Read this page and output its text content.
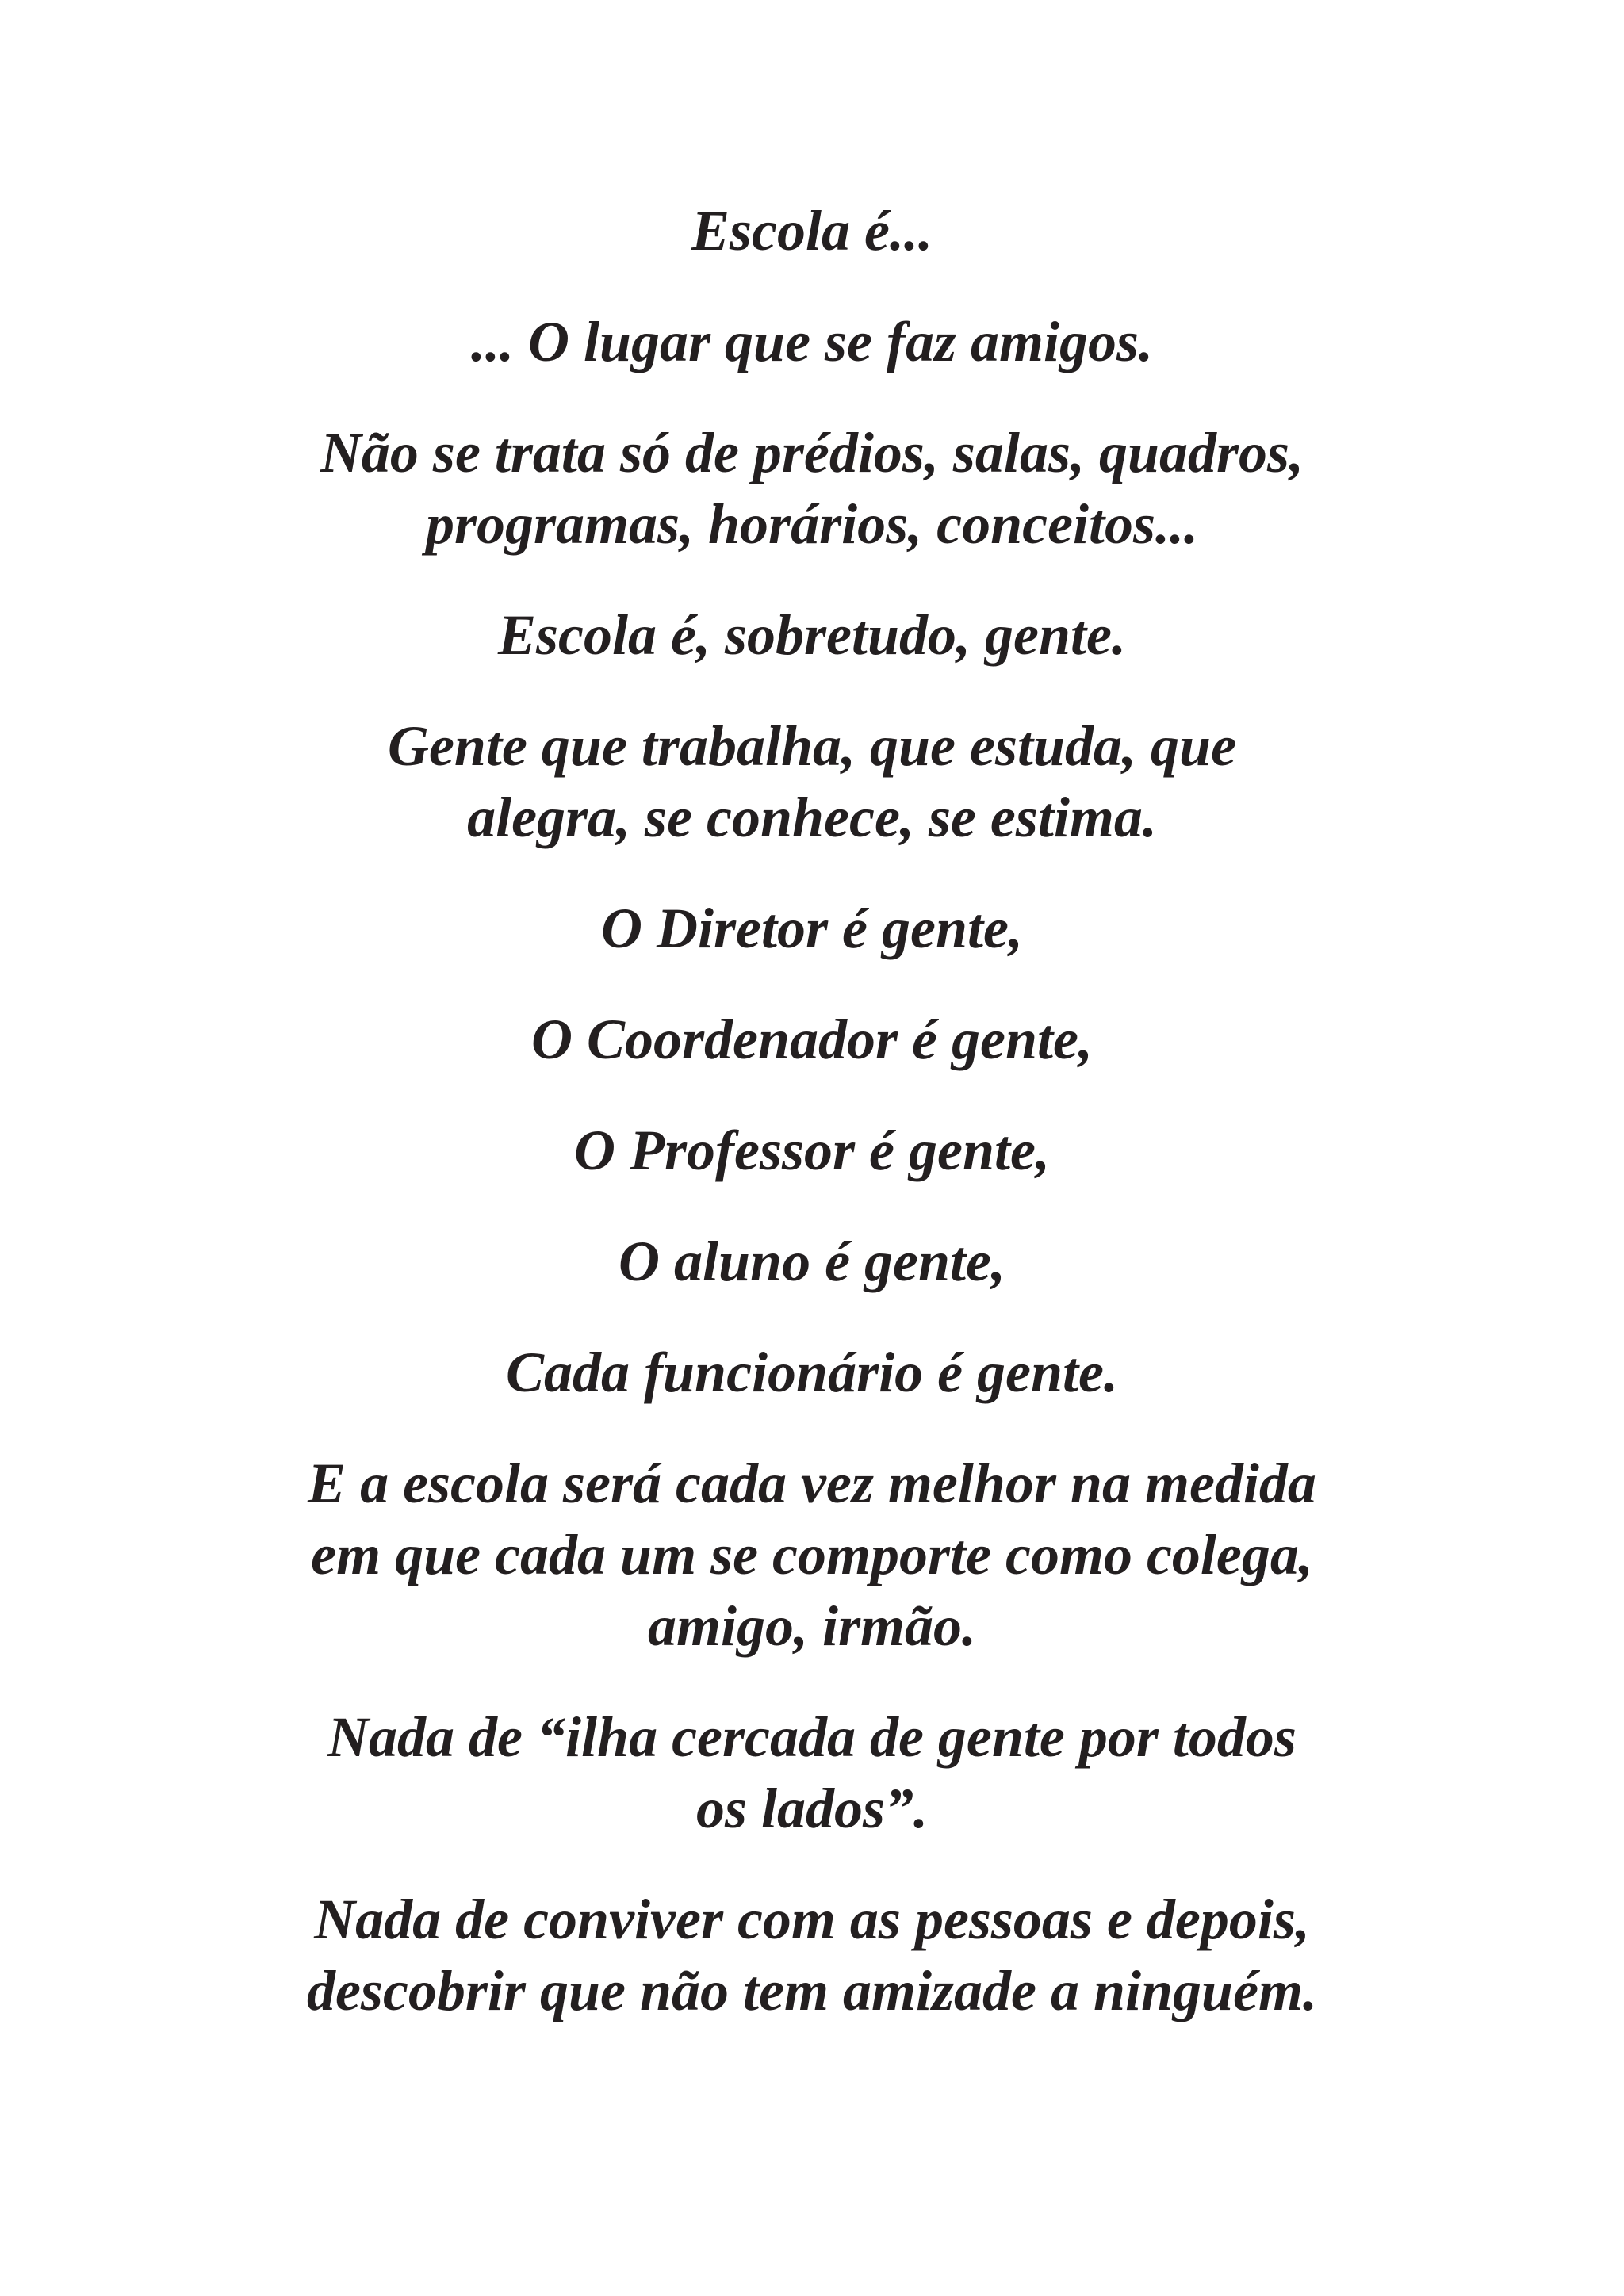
Escola é...

... O lugar que se faz amigos.

Não se trata só de prédios, salas, quadros,
programas, horários, conceitos...

Escola é, sobretudo, gente.

Gente que trabalha, que estuda, que
alegra, se conhece, se estima.

O Diretor é gente,

O Coordenador é gente,

O Professor é gente,

O aluno é gente,

Cada funcionário é gente.

E a escola será cada vez melhor na medida
em que cada um se comporte como colega,
amigo, irmão.

Nada de “ilha cercada de gente por todos
os lados”.

Nada de conviver com as pessoas e depois,
descobrir que não tem amizade a ninguém.
